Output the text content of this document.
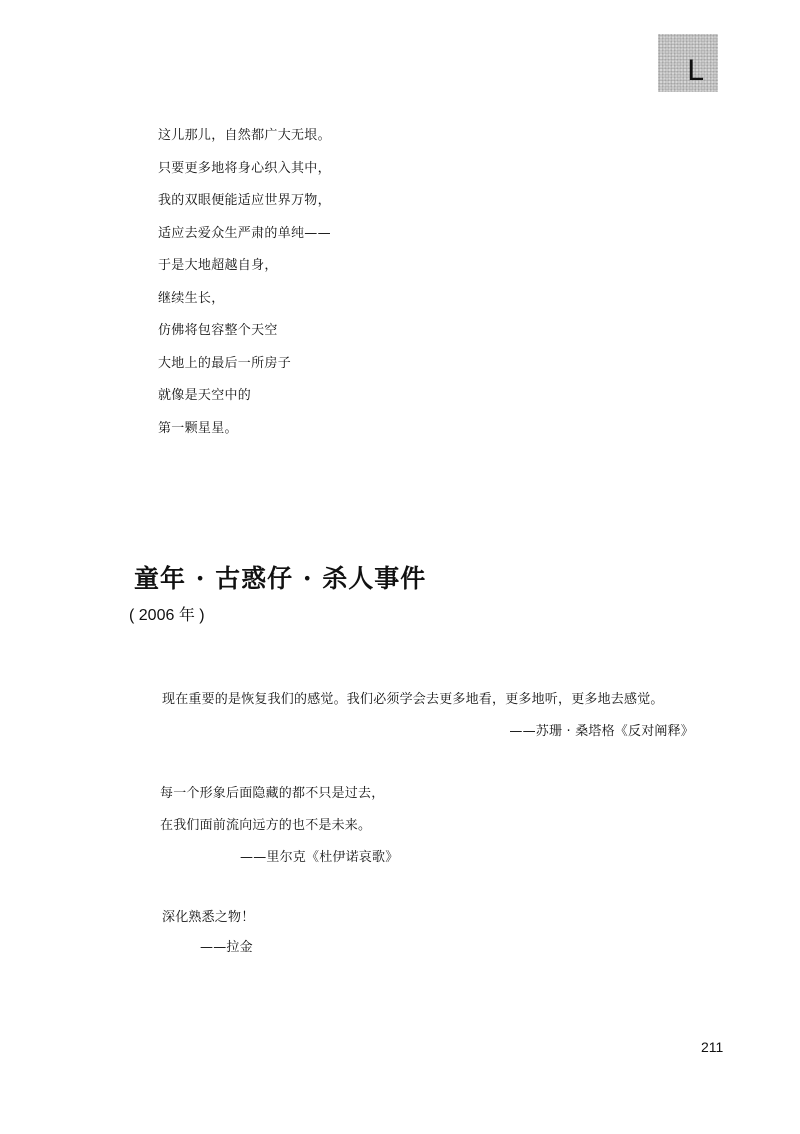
L
这儿那儿，自然都广大无垠。
只要更多地将身心织入其中，
我的双眼便能适应世界万物，
适应去爱众生严肃的单纯——
于是大地超越自身，
继续生长，
仿佛将包容整个天空
大地上的最后一所房子
就像是天空中的
第一颗星星。
童年 · 古惑仔 · 杀人事件
( 2006 年 )
现在重要的是恢复我们的感觉。我们必须学会去更多地看，更多地听，更多地去感觉。
——苏珊 · 桑塔格《反对阐释》
每一个形象后面隐藏的都不只是过去，
在我们面前流向远方的也不是未来。
——里尔克《杜伊诺哀歌》
深化熟悉之物！
——拉金
211
